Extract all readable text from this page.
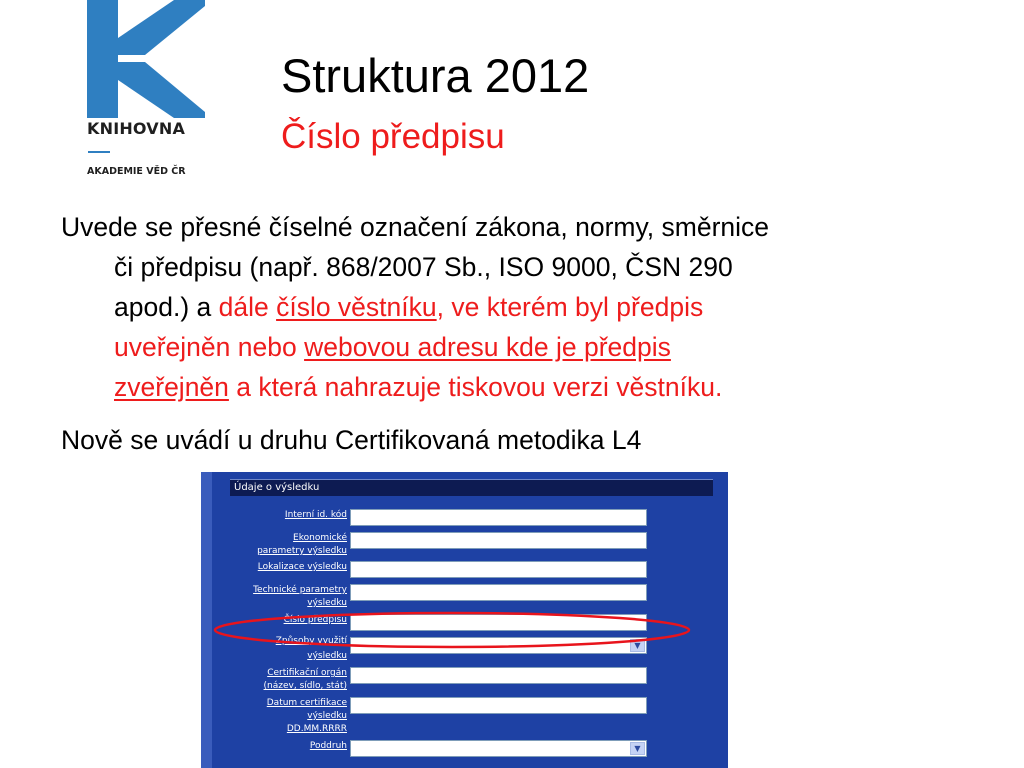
KNIHOVNA

AKADEMIE VĚD ČR

Struktura 2012
Číslo předpisu
Uvede se přesné číselné označení zákona, normy, směrnice
či předpisu (např. 868/2007 Sb., ISO 9000, ČSN 290
apod.) a dále číslo věstníku, ve kterém byl předpis
uveřejněn nebo webovou adresu kde je předpis
zveřejněn a která nahrazuje tiskovou verzi věstníku.
Nově se uvádí u druhu Certifikovaná metodika L4
Údaje o výsledku

Interní id. kód

Ekonomické

parametry výsledku

Lokalizace výsledku

Technické parametry

výsledku

Číslo předpisu

Způsoby využití

výsledku

▼

Certifikační orgán

(název, sídlo, stát)

Datum certifikace

výsledku

DD.MM.RRRR

Poddruh	▼
